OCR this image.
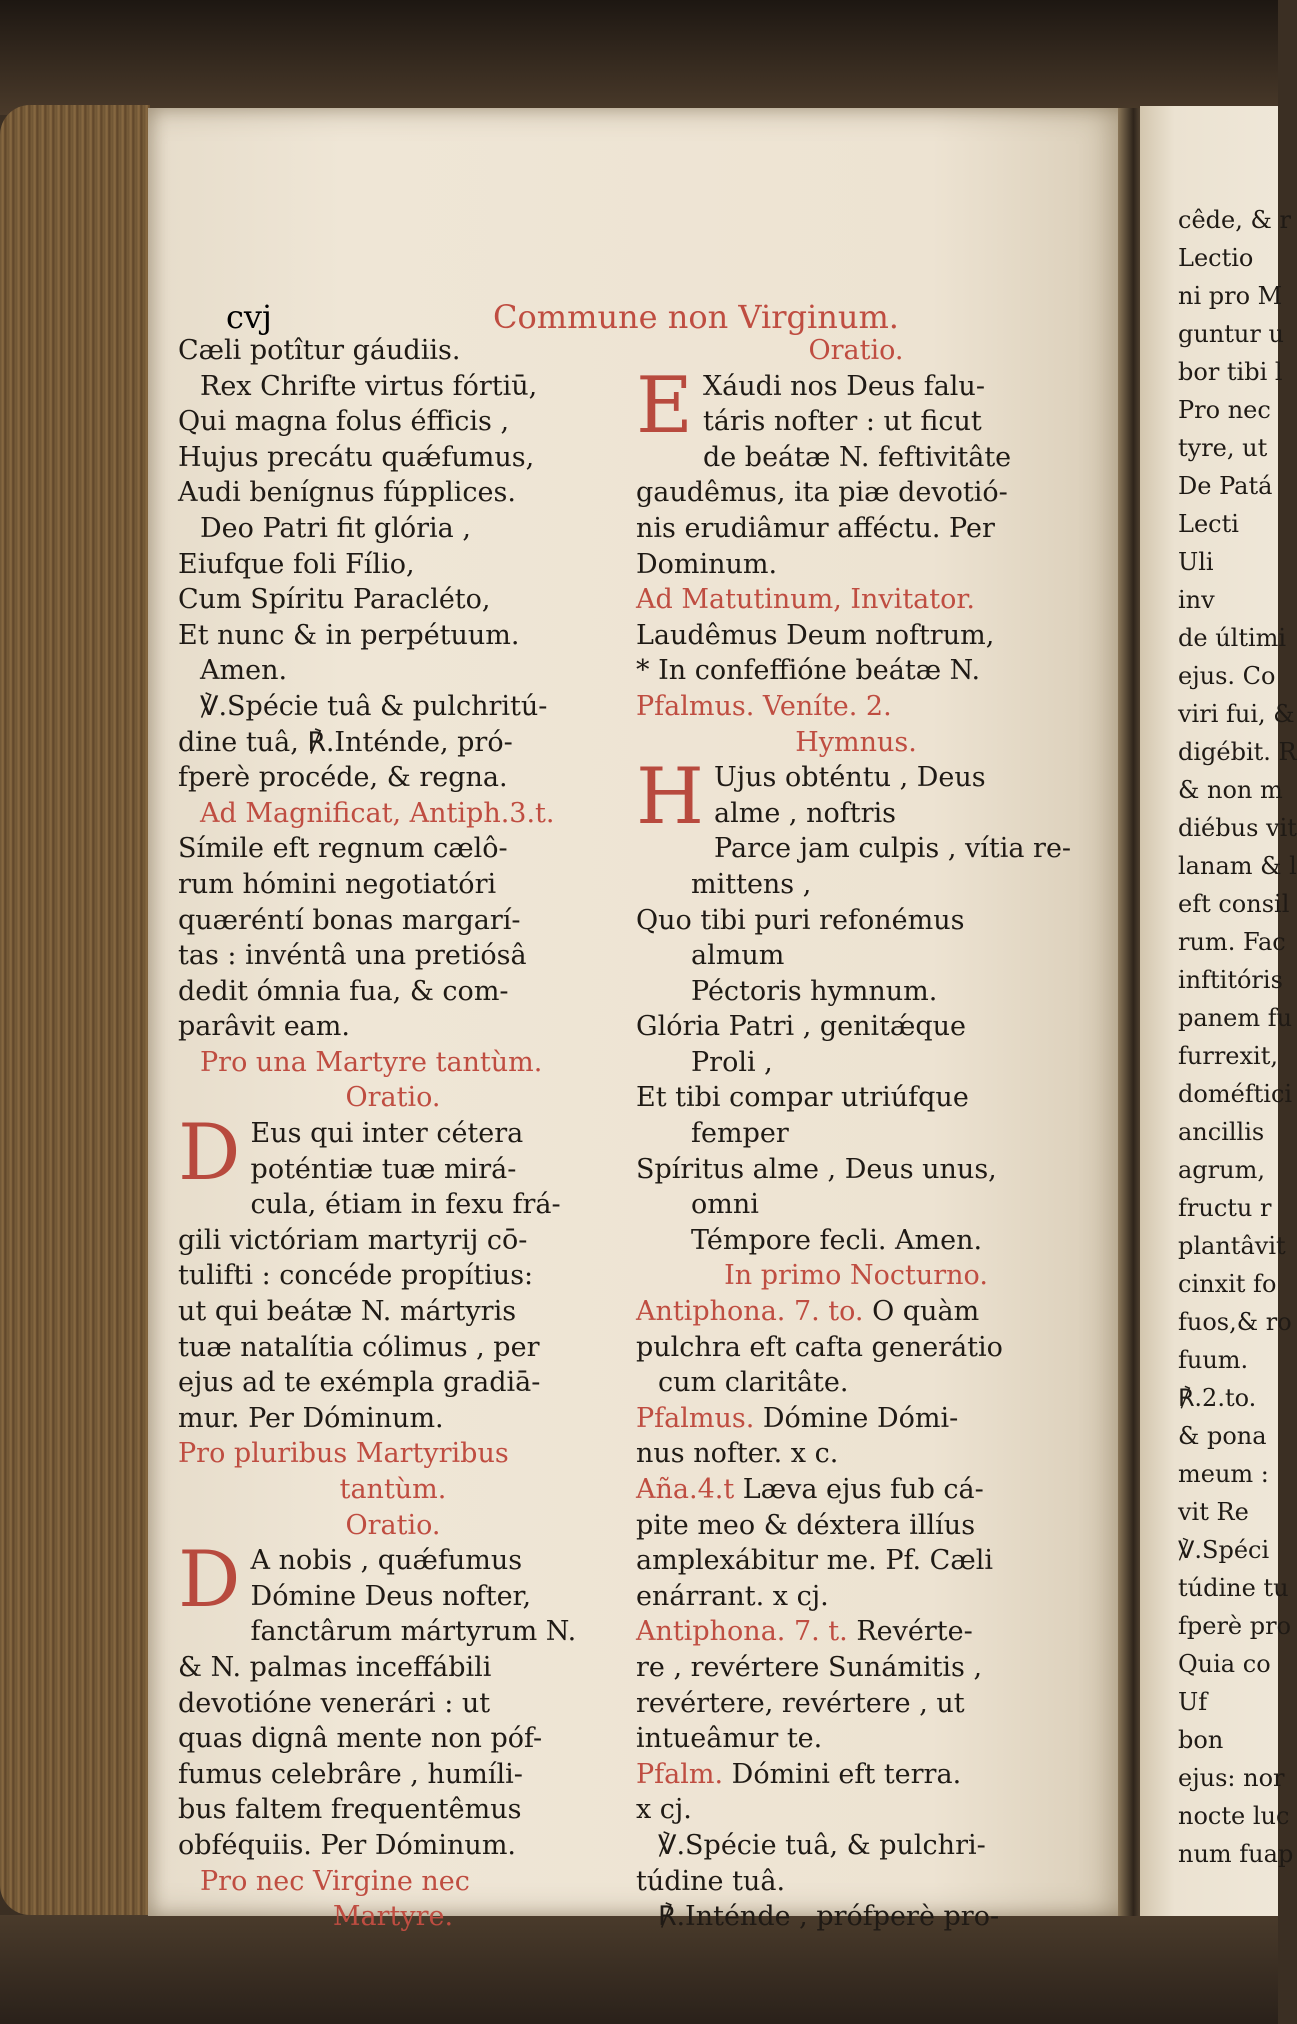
cvj	Commune non Virginum.
Cæli potîtur gáudiis.
Rex Chrifte virtus fórtiū,
Qui magna folus éfficis ,
Hujus precátu quǽfumus,
Audi benígnus fúpplices.
Deo Patri fit glória ,
Eiufque foli Fílio,
Cum Spíritu Paracléto,
Et nunc & in perpétuum.
Amen.
℣.Spécie tuâ & pulchritú-
dine tuâ, ℟.Inténde, pró-
fperè procéde, & regna.
Ad Magnificat, Antiph.3.t.
Símile eft regnum cælô-
rum hómini negotiatóri
quæréntí bonas margarí-
tas : invéntâ una pretiósâ
dedit ómnia fua, & com-
parâvit eam.
Pro una Martyre tantùm.
Oratio.
D Eus qui inter cétera
poténtiæ tuæ mirá-
cula, étiam in fexu frá-
gili victóriam martyrij cō-
tulifti : concéde propítius:
ut qui beátæ N. mártyris
tuæ natalítia cólimus , per
ejus ad te exémpla gradiā-
mur. Per Dóminum.
Pro pluribus Martyribus
tantùm.
Oratio.
D A nobis , quǽfumus
Dómine Deus nofter,
fanctârum mártyrum N.
& N. palmas inceffábili
devotióne venerári : ut
quas dignâ mente non póf-
fumus celebrâre , humíli-
bus faltem frequentêmus
obféquiis. Per Dóminum.
Pro nec Virgine nec
Martyre.
Oratio.
E Xáudi nos Deus falu-
táris nofter : ut ficut
de beátæ N. feftivitâte
gaudêmus, ita piæ devotió-
nis erudiâmur afféctu. Per
Dominum.
Ad Matutinum, Invitator.
Laudêmus Deum noftrum,
* In confeffióne beátæ N.
Pfalmus. Veníte. 2.
Hymnus.
H Ujus obténtu , Deus
alme , noftris
Parce jam culpis , vítia re-
mittens ,
Quo tibi puri refonémus
almum
Péctoris hymnum.
Glória Patri , genitǽque
Proli ,
Et tibi compar utriúfque
femper
Spíritus alme , Deus unus,
omni
Témpore fecli. Amen.
In primo Nocturno.
Antiphona. 7. to. O quàm
pulchra eft cafta generátio
cum claritâte.
Pfalmus. Dómine Dómi-
nus nofter. x c.
Añа.4.t Læva ejus fub cá-
pite meo & déxtera illíus
amplexábitur me. Pf. Cæli
enárrant. x cj.
Antiphona. 7. t. Revérte-
re , revértere Sunámitis ,
revértere, revértere , ut
intueâmur te.
Pfalm. Dómini eft terra.
x cj.
℣.Spécie tuâ, & pulchri-
túdine tuâ.
℟.Inténde , prófperè pro-
cêde, & r
Lectio
ni pro M
guntur u
bor tibi l
Pro nec
tyre, ut
De Patá
Lecti
Uli
inv
de últimi
ejus. Co
viri fui, &
digébit. R
& non m
diébus vit
lanam & l
eft consil
rum. Fac
inftitóris
panem fu
furrexit,
doméftici
ancillis
agrum,
fructu r
plantâvit
cinxit fo
fuos,& ro
fuum.
℟.2.to.
& pona
meum :
vit Re
℣.Spéci
túdine tu
fperè pro
Quia co
Uf
bon
ejus: nor
nocte luc
num fuap
